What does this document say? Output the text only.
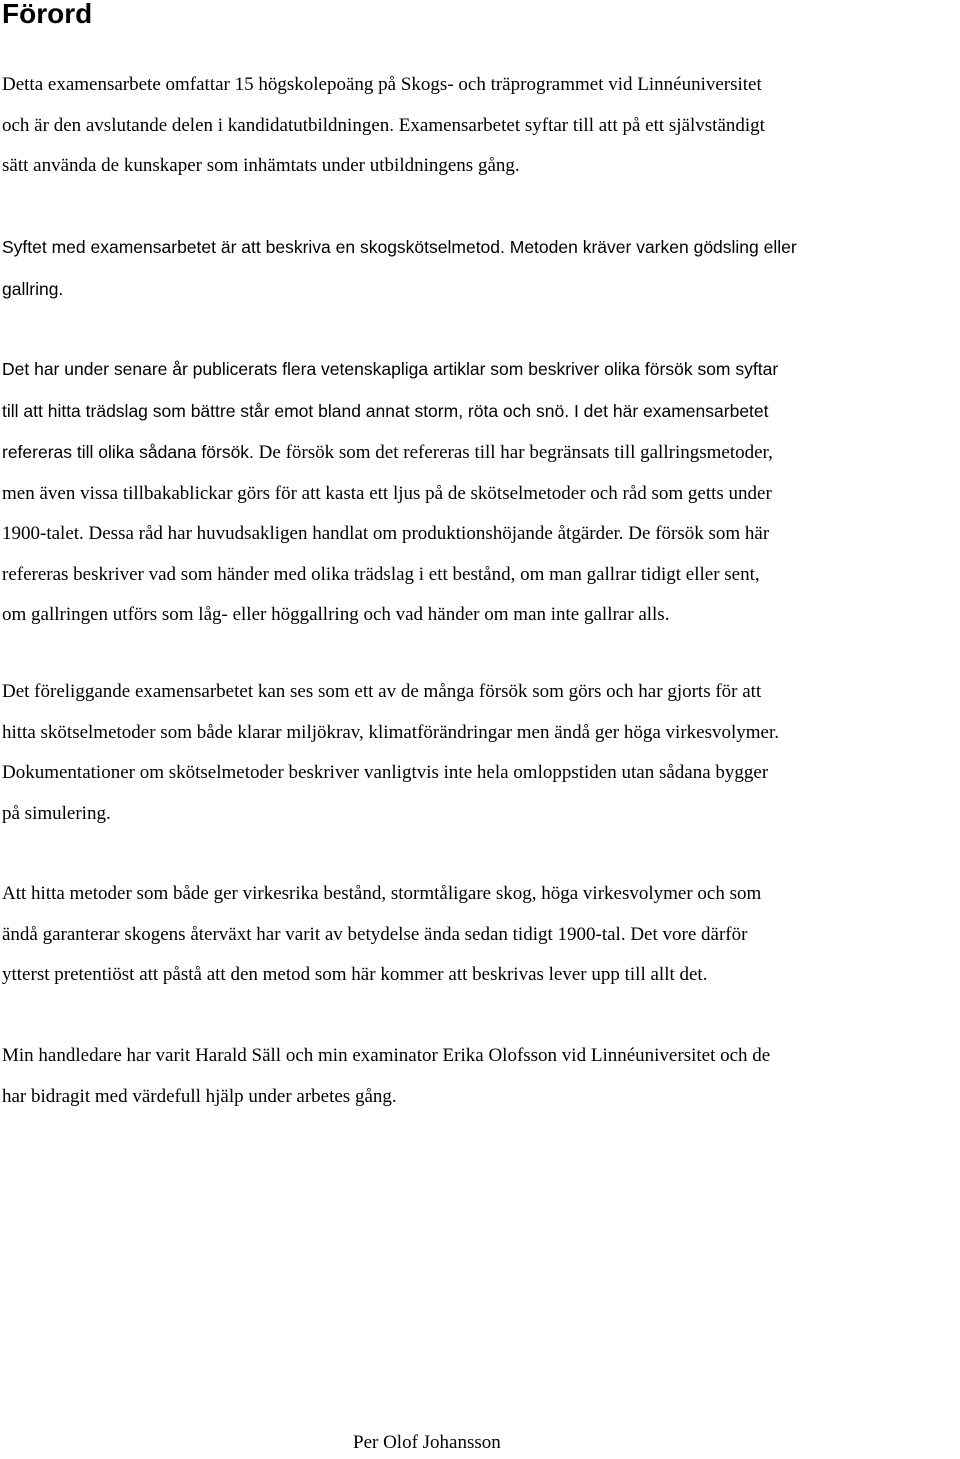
Förord
Detta examensarbete omfattar 15 högskolepoäng på Skogs- och träprogrammet vid Linnéuniversitet
och är den avslutande delen i kandidatutbildningen. Examensarbetet syftar till att på ett självständigt
sätt använda de kunskaper som inhämtats under utbildningens gång.
Syftet med examensarbetet är att beskriva en skogskötselmetod. Metoden kräver varken gödsling eller
gallring.
Det har under senare år publicerats flera vetenskapliga artiklar som beskriver olika försök som syftar
till att hitta trädslag som bättre står emot bland annat storm, röta och snö. I det här examensarbetet
refereras till olika sådana försök. De försök som det refereras till har begränsats till gallringsmetoder,
men även vissa tillbakablickar görs för att kasta ett ljus på de skötselmetoder och råd som getts under
1900-talet. Dessa råd har huvudsakligen handlat om produktionshöjande åtgärder. De försök som här
refereras beskriver vad som händer med olika trädslag i ett bestånd, om man gallrar tidigt eller sent,
om gallringen utförs som låg- eller höggallring och vad händer om man inte gallrar alls.
Det föreliggande examensarbetet kan ses som ett av de många försök som görs och har gjorts för att
hitta skötselmetoder som både klarar miljökrav, klimatförändringar men ändå ger höga virkesvolymer.
Dokumentationer om skötselmetoder beskriver vanligtvis inte hela omloppstiden utan sådana bygger
på simulering.
Att hitta metoder som både ger virkesrika bestånd, stormtåligare skog, höga virkesvolymer och som
ändå garanterar skogens återväxt har varit av betydelse ända sedan tidigt 1900-tal. Det vore därför
ytterst pretentiöst att påstå att den metod som här kommer att beskrivas lever upp till allt det.
Min handledare har varit Harald Säll och min examinator Erika Olofsson vid Linnéuniversitet och de
har bidragit med värdefull hjälp under arbetes gång.

Per Olof Johansson
